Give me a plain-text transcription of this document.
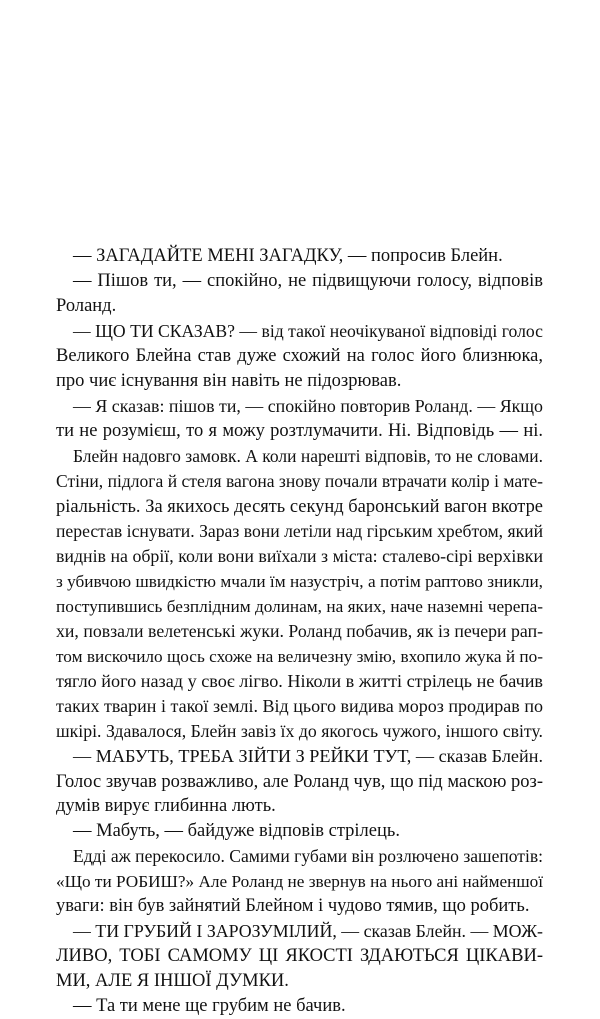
— ЗАГАДАЙТЕ МЕНІ ЗАГАДКУ, — попросив Блейн.
— Пішов ти, — спокійно, не підвищуючи голосу, відповів
Роланд.
— ЩО ТИ СКАЗАВ? — від такої неочікуваної відповіді голос
Великого Блейна став дуже схожий на голос його близнюка,
про чиє існування він навіть не підозрював.
— Я сказав: пішов ти, — спокійно повторив Роланд. — Якщо
ти не розумієш, то я можу розтлумачити. Ні. Відповідь — ні.
Блейн надовго замовк. А коли нарешті відповів, то не словами.
Стіни, підлога й стеля вагона знову почали втрачати колір і мате-
ріальність. За якихось десять секунд баронський вагон вкотре
перестав існувати. Зараз вони летіли над гірським хребтом, який
виднів на обрії, коли вони виїхали з міста: сталево-сірі верхівки
з убивчою швидкістю мчали їм назустріч, а потім раптово зникли,
поступившись безплідним долинам, на яких, наче наземні черепа-
хи, повзали велетенські жуки. Роланд побачив, як із печери рап-
том вискочило щось схоже на величезну змію, вхопило жука й по-
тягло його назад у своє лігво. Ніколи в житті стрілець не бачив
таких тварин і такої землі. Від цього видива мороз продирав по
шкірі. Здавалося, Блейн завіз їх до якогось чужого, іншого світу.
— МАБУТЬ, ТРЕБА ЗІЙТИ З РЕЙКИ ТУТ, — сказав Блейн.
Голос звучав розважливо, але Роланд чув, що під маскою роз-
думів вирує глибинна лють.
— Мабуть, — байдуже відповів стрілець.
Едді аж перекосило. Самими губами він розлючено зашепотів:
«Що ти РОБИШ?» Але Роланд не звернув на нього ані найменшої
уваги: він був зайнятий Блейном і чудово тямив, що робить.
— ТИ ГРУБИЙ І ЗАРОЗУМІЛИЙ, — сказав Блейн. — МОЖ-
ЛИВО, ТОБІ САМОМУ ЦІ ЯКОСТІ ЗДАЮТЬСЯ ЦІКАВИ-
МИ, АЛЕ Я ІНШОЇ ДУМКИ.
— Та ти мене ще грубим не бачив.
